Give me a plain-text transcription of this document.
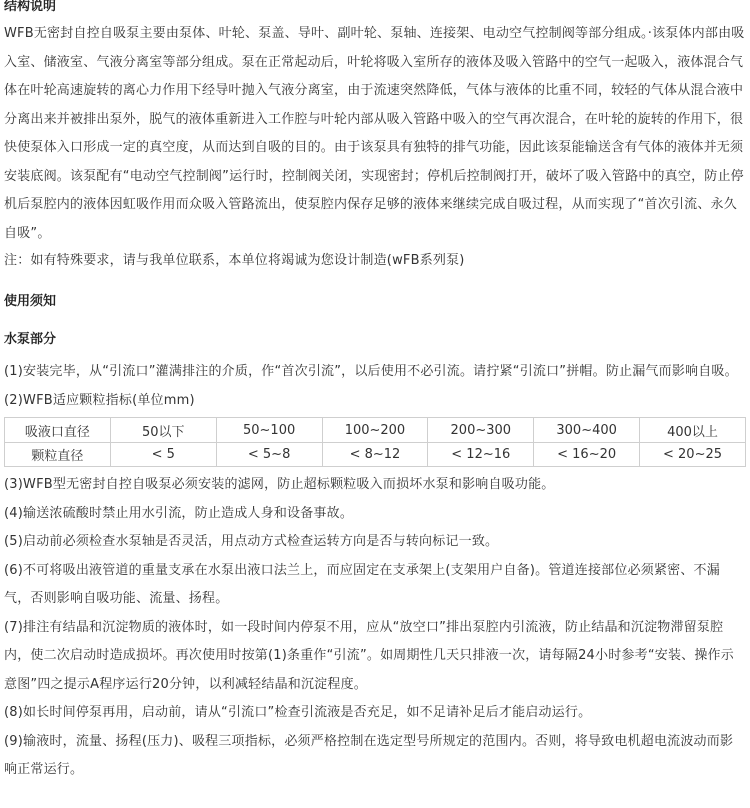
结构说明
WFB无密封自控自吸泵主要由泵体、叶轮、泵盖、导叶、副叶轮、泵轴、连接架、电动空气控制阀等部分组成。·该泵体内部由吸入室、储液室、气液分离室等部分组成。泵在正常起动后，叶轮将吸入室所存的液体及吸入管路中的空气一起吸入，液体混合气体在叶轮高速旋转的离心力作用下经导叶抛入气液分离室，由于流速突然降低，气体与液体的比重不同，较轻的气体从混合液中分离出来并被排出泵外，脱气的液体重新进入工作腔与叶轮内部从吸入管路中吸入的空气再次混合，在叶轮的旋转的作用下，很快使泵体入口形成一定的真空度，从而达到自吸的目的。由于该泵具有独特的排气功能，因此该泵能输送含有气体的液体并无须安装底阀。该泵配有“电动空气控制阀”运行时，控制阀关闭，实现密封；停机后控制阀打开，破坏了吸入管路中的真空，防止停机后泵腔内的液体因虹吸作用而众吸入管路流出，使泵腔内保存足够的液体来继续完成自吸过程，从而实现了“首次引流、永久自吸”。
注：如有特殊要求，请与我单位联系，本单位将竭诚为您设计制造(wFB系列泵)
使用须知
水泵部分
(1)安装完毕，从“引流口”灌满排注的介质，作“首次引流”，以后使用不必引流。请拧紧“引流口”拼帽。防止漏气而影响自吸。
(2)WFB适应颗粒指标(单位mm)
吸液口直径	50以下	50~100	100~200	200~300	300~400	400以上
颗粒直径	< 5	< 5~8	< 8~12	< 12~16	< 16~20	< 20~25
(3)WFB型无密封自控自吸泵必须安装的滤网，防止超标颗粒吸入而损坏水泵和影响自吸功能。
(4)输送浓硫酸时禁止用水引流，防止造成人身和设备事故。
(5)启动前必须检查水泵轴是否灵活，用点动方式检查运转方向是否与转向标记一致。
(6)不可将吸出液管道的重量支承在水泵出液口法兰上，而应固定在支承架上(支架用户自备)。管道连接部位必须紧密、不漏气，否则影响自吸功能、流量、扬程。
(7)排注有结晶和沉淀物质的液体时，如一段时间内停泵不用，应从“放空口”排出泵腔内引流液，防止结晶和沉淀物滞留泵腔内，使二次启动时造成损坏。再次使用时按第(1)条重作“引流”。如周期性几天只排液一次，请每隔24小时参考“安装、操作示意图”四之提示A程序运行20分钟，以利减轻结晶和沉淀程度。
(8)如长时间停泵再用，启动前，请从“引流口”检查引流液是否充足，如不足请补足后才能启动运行。
(9)输液时，流量、扬程(压力)、吸程三项指标，必须严格控制在选定型号所规定的范围内。否则，将导致电机超电流波动而影响正常运行。
